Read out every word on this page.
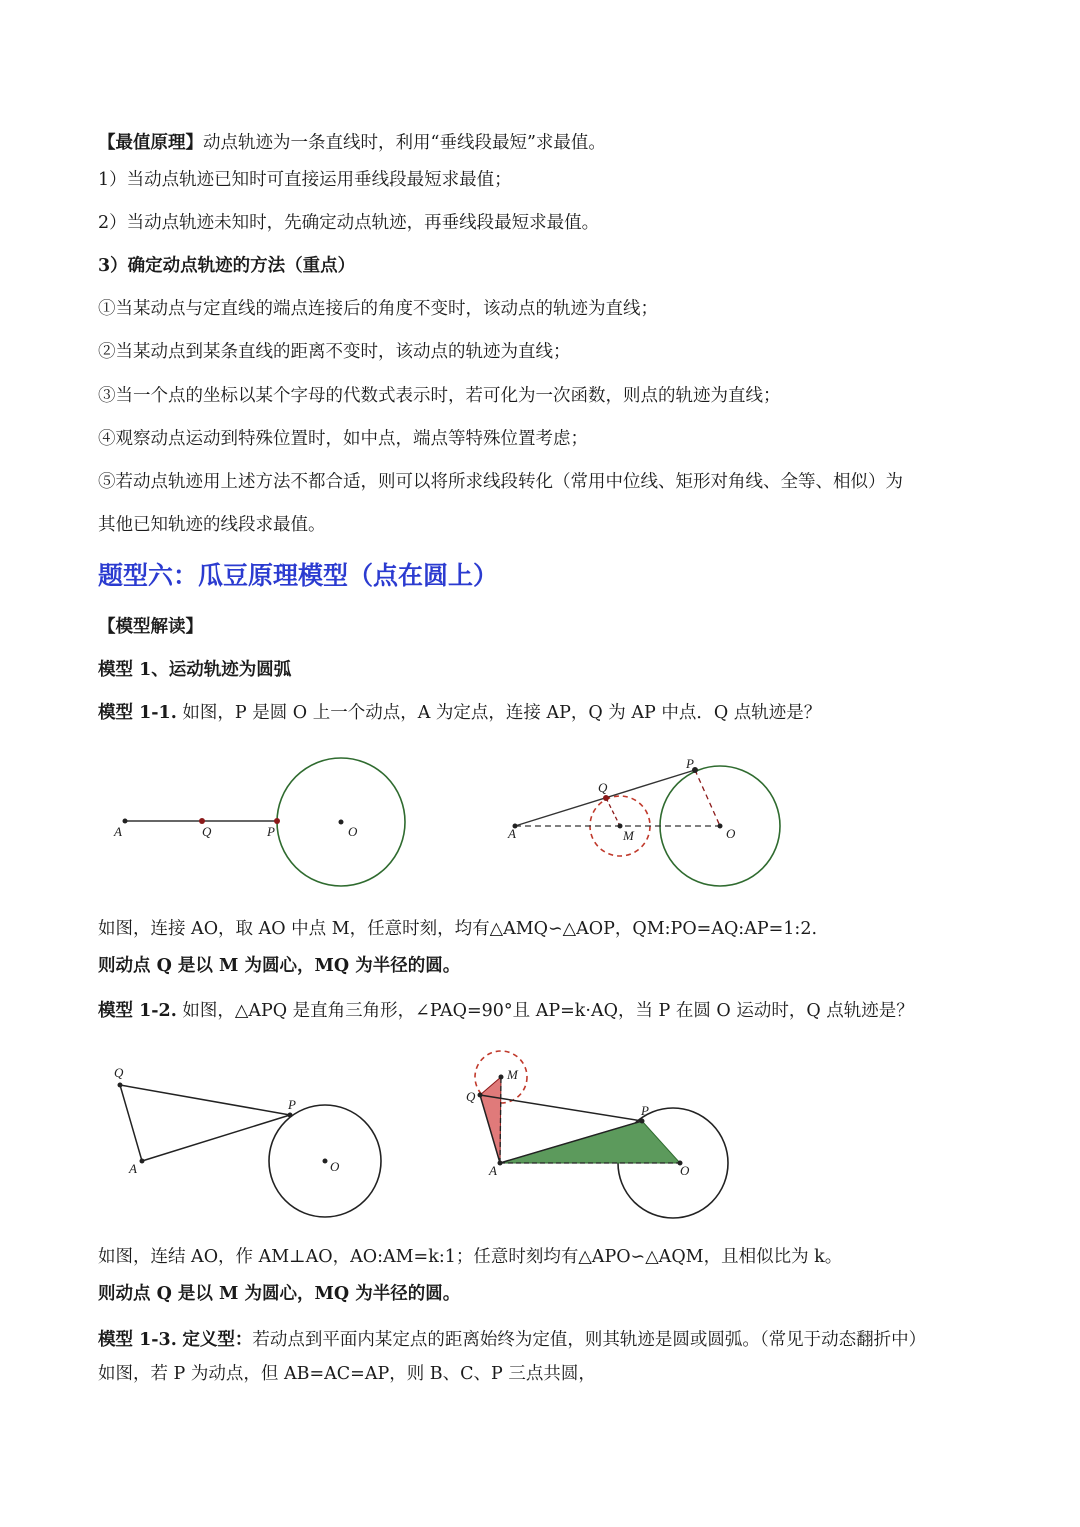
【最值原理】动点轨迹为一条直线时，利用“垂线段最短”求最值。
1）当动点轨迹已知时可直接运用垂线段最短求最值；
2）当动点轨迹未知时，先确定动点轨迹，再垂线段最短求最值。
3）确定动点轨迹的方法（重点）
①当某动点与定直线的端点连接后的角度不变时，该动点的轨迹为直线；
②当某动点到某条直线的距离不变时，该动点的轨迹为直线；
③当一个点的坐标以某个字母的代数式表示时，若可化为一次函数，则点的轨迹为直线；
④观察动点运动到特殊位置时，如中点，端点等特殊位置考虑；
⑤若动点轨迹用上述方法不都合适，则可以将所求线段转化（常用中位线、矩形对角线、全等、相似）为
其他已知轨迹的线段求最值。
题型六：瓜豆原理模型（点在圆上）
【模型解读】
模型 1、运动轨迹为圆弧
模型 1-1. 如图，P 是圆 O 上一个动点，A 为定点，连接 AP，Q 为 AP 中点．Q 点轨迹是？
A	Q	P	O	A
Q
P
M	O
如图，连接 AO，取 AO 中点 M，任意时刻，均有△AMQ∽△AOP，QM:PO=AQ:AP=1:2.
则动点 Q 是以 M 为圆心，MQ 为半径的圆。
模型 1-2. 如图，△APQ 是直角三角形，∠PAQ=90°且 AP=k·AQ，当 P 在圆 O 运动时，Q 点轨迹是？
Q
P
A	O
Q
M
P
A	O
如图，连结 AO，作 AM⊥AO，AO:AM=k:1；任意时刻均有△APO∽△AQM，且相似比为 k。
则动点 Q 是以 M 为圆心，MQ 为半径的圆。
模型 1-3. 定义型：若动点到平面内某定点的距离始终为定值，则其轨迹是圆或圆弧。（常见于动态翻折中）
如图，若 P 为动点，但 AB=AC=AP，则 B、C、P 三点共圆，
